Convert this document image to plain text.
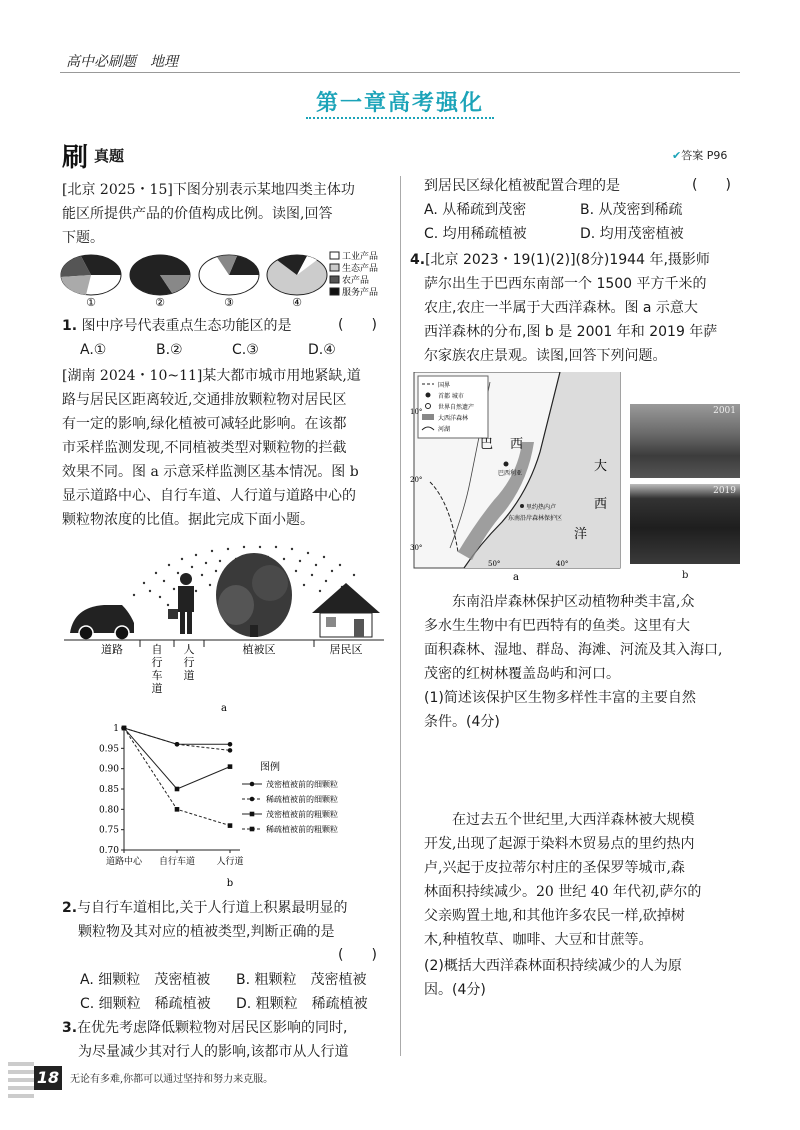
高中必刷题　地理
第一章高考强化
刷 真题	✔答案 P96
[北京 2025・15]下图分别表示某地四类主体功
能区所提供产品的价值构成比例。读图,回答
下题。
①	②	③	④
工业产品
生态产品
农产品
服务产品
1. 图中序号代表重点生态功能区的是	(　　)
A.①	B.②	C.③	D.④
[湖南 2024・10~11]某大都市城市用地紧缺,道
路与居民区距离较近,交通排放颗粒物对居民区
有一定的影响,绿化植被可减轻此影响。在该都
市采样监测发现,不同植被类型对颗粒物的拦截
效果不同。图 a 示意采样监测区基本情况。图 b
显示道路中心、自行车道、人行道与道路中心的
颗粒物浓度的比值。据此完成下面小题。
道路	自
行
车
道
人
行
道
植被区	居民区
a
1
0.95
0.90
0.85
0.80
0.75
0.70
道路中心 自行车道 人行道
图例
茂密植被前的细颗粒
稀疏植被前的细颗粒
茂密植被前的粗颗粒
稀疏植被前的粗颗粒
b
2.与自行车道相比,关于人行道上积累最明显的
颗粒物及其对应的植被类型,判断正确的是
(　　)
A. 细颗粒　茂密植被 B. 粗颗粒　茂密植被
C. 细颗粒　稀疏植被 D. 粗颗粒　稀疏植被
3.在优先考虑降低颗粒物对居民区影响的同时,
为尽量减少其对行人的影响,该都市从人行道
到居民区绿化植被配置合理的是	(　　)
A. 从稀疏到茂密	B. 从茂密到稀疏
C. 均用稀疏植被	D. 均用茂密植被
4.[北京 2023・19(1)(2)](8分)1944 年,摄影师
萨尔出生于巴西东南部一个 1500 平方千米的
农庄,农庄一半属于大西洋森林。图 a 示意大
西洋森林的分布,图 b 是 2001 年和 2019 年萨
尔家族农庄景观。读图,回答下列问题。
国界
首都 城市
世界自然遗产
大西洋森林
河湖
巴 西
大
西
洋
巴西利亚
里约热内卢
东南沿岸森林保护区
10°
20°
30°
50°	40°
a
2001
2019
b
东南沿岸森林保护区动植物种类丰富,众
多水生生物中有巴西特有的鱼类。这里有大
面积森林、湿地、群岛、海滩、河流及其入海口,
茂密的红树林覆盖岛屿和河口。
(1)简述该保护区生物多样性丰富的主要自然
条件。(4分)
在过去五个世纪里,大西洋森林被大规模
开发,出现了起源于染料木贸易点的里约热内
卢,兴起于皮拉蒂尔村庄的圣保罗等城市,森
林面积持续减少。20 世纪 40 年代初,萨尔的
父亲购置土地,和其他许多农民一样,砍掉树
木,种植牧草、咖啡、大豆和甘蔗等。
(2)概括大西洋森林面积持续减少的人为原
因。(4分)
18 无论有多难,你都可以通过坚持和努力来克服。
